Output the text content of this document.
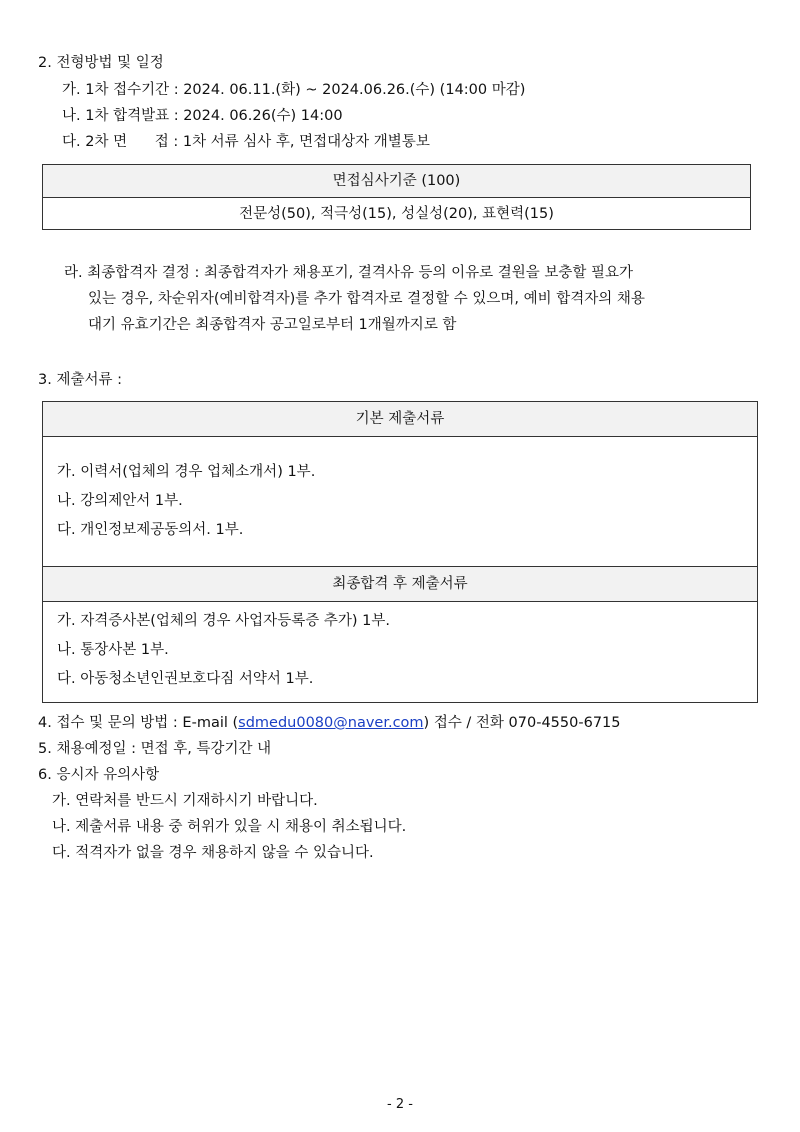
2. 전형방법 및 일정
가. 1차 접수기간 : 2024. 06.11.(화) ~ 2024.06.26.(수) (14:00 마감)
나. 1차 합격발표 : 2024. 06.26(수) 14:00
다. 2차 면      접 : 1차 서류 심사 후, 면접대상자 개별통보
면접심사기준 (100)
전문성(50), 적극성(15), 성실성(20), 표현력(15)
라. 최종합격자 결정 : 최종합격자가 채용포기, 결격사유 등의 이유로 결원을 보충할 필요가
있는 경우, 차순위자(예비합격자)를 추가 합격자로 결정할 수 있으며, 예비 합격자의 채용
대기 유효기간은 최종합격자 공고일로부터 1개월까지로 함
3. 제출서류 :
기본 제출서류
가. 이력서(업체의 경우 업체소개서) 1부.
나. 강의제안서 1부.
다. 개인정보제공동의서. 1부.
최종합격 후 제출서류
가. 자격증사본(업체의 경우 사업자등록증 추가) 1부.
나. 통장사본 1부.
다. 아동청소년인권보호다짐 서약서 1부.
4. 접수 및 문의 방법 : E-mail (sdmedu0080@naver.com) 접수 / 전화 070-4550-6715
5. 채용예정일 : 면접 후, 특강기간 내
6. 응시자 유의사항
가. 연락처를 반드시 기재하시기 바랍니다.
나. 제출서류 내용 중 허위가 있을 시 채용이 취소됩니다.
다. 적격자가 없을 경우 채용하지 않을 수 있습니다.
- 2 -
